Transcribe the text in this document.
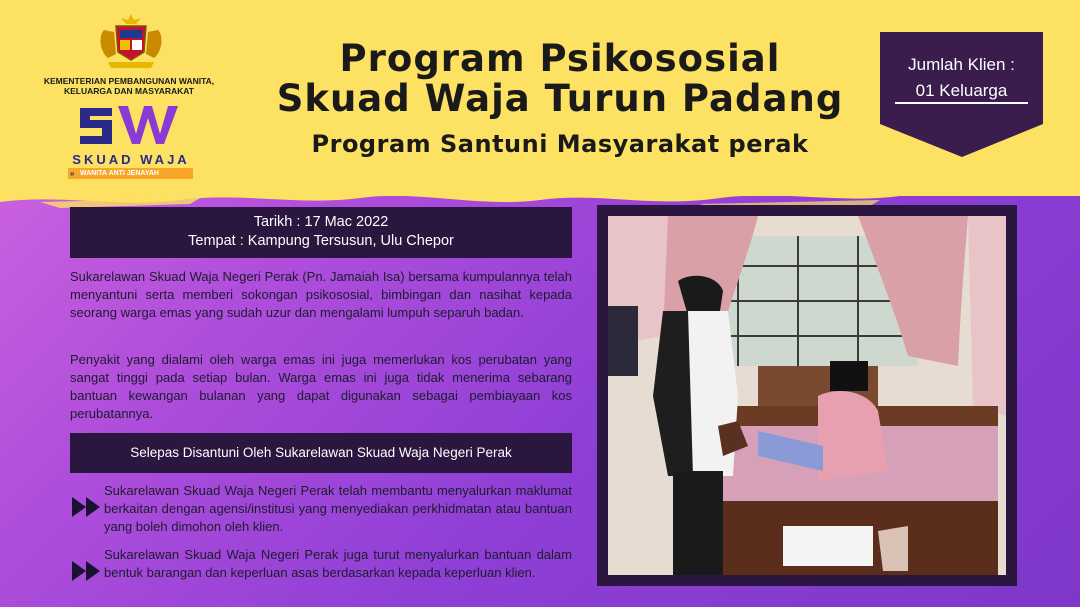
KEMENTERIAN PEMBANGUNAN WANITA, KELUARGA DAN MASYARAKAT
SKUAD WAJA
» WANITA ANTI JENAYAH
Program Psikososial
Skuad Waja Turun Padang
Program Santuni Masyarakat perak
Jumlah Klien :
01 Keluarga
Tarikh : 17 Mac 2022
Tempat : Kampung Tersusun, Ulu Chepor
Sukarelawan Skuad Waja Negeri Perak (Pn. Jamaiah Isa) bersama kumpulannya telah menyantuni serta memberi sokongan psikososial, bimbingan dan nasihat kepada seorang warga emas yang sudah uzur dan mengalami lumpuh separuh badan.
Penyakit yang dialami oleh warga emas ini juga memerlukan kos perubatan yang sangat tinggi pada setiap bulan. Warga emas ini juga tidak menerima sebarang bantuan kewangan bulanan yang dapat digunakan sebagai pembiayaan kos perubatannya.
Selepas Disantuni Oleh Sukarelawan Skuad Waja Negeri Perak
Sukarelawan Skuad Waja Negeri Perak telah membantu menyalurkan maklumat berkaitan dengan agensi/institusi yang menyediakan perkhidmatan atau bantuan yang boleh dimohon oleh klien.
Sukarelawan Skuad Waja Negeri Perak juga turut menyalurkan bantuan dalam bentuk barangan dan keperluan asas berdasarkan kepada keperluan klien.
